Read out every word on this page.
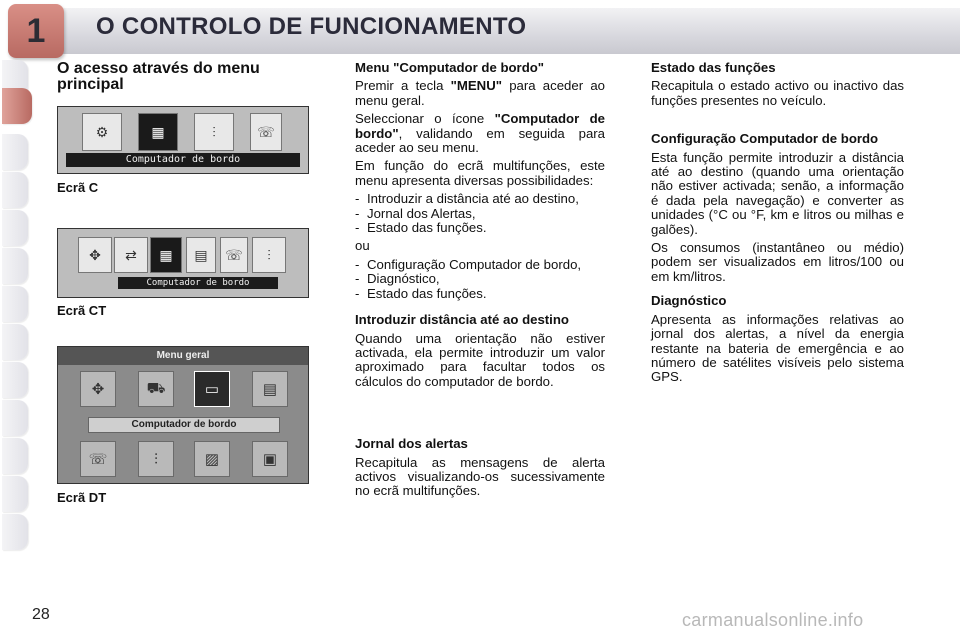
1 O CONTROLO DE FUNCIONAMENTO
O acesso através do menu
principal
⚙	▦	⫶	☏
Computador de bordo
Ecrã C
✥	⇄	▦	▤	☏	⫶
Computador de bordo
Ecrã CT
Menu geral
✥	⛟	▭	▤
Computador de bordo
☏	⫶	▨	▣
Ecrã DT

Menu "Computador de bordo"

Premir a tecla "MENU" para aceder ao menu geral.

Seleccionar o ícone "Computador de bordo", validando em seguida para aceder ao seu menu.

Em função do ecrã multifunções, este menu apresenta diversas possibilidades:

- Introduzir a distância até ao destino,
- Jornal dos Alertas,
- Estado das funções.

ou

- Configuração Computador de bordo,
- Diagnóstico,
- Estado das funções.

Introduzir distância até ao destino

Quando uma orientação não estiver activada, ela permite introduzir um valor aproximado para facultar todos os cálculos do computador de bordo.

Jornal dos alertas

Recapitula as mensagens de alerta activos visualizando-os sucessivamente no ecrã multifunções.

Estado das funções

Recapitula o estado activo ou inactivo das funções presentes no veículo.

Configuração Computador de bordo

Esta função permite introduzir a distância até ao destino (quando uma orientação não estiver activada; senão, a informação é dada pela navegação) e converter as unidades (°C ou °F, km e litros ou milhas e galões).

Os consumos (instantâneo ou médio) podem ser visualizados em litros/100 ou em km/litros.

Diagnóstico

Apresenta as informações relativas ao jornal dos alertas, a nível da energia restante na bateria de emergência e ao número de satélites visíveis pelo sistema GPS.

28	carmanualsonline.info
